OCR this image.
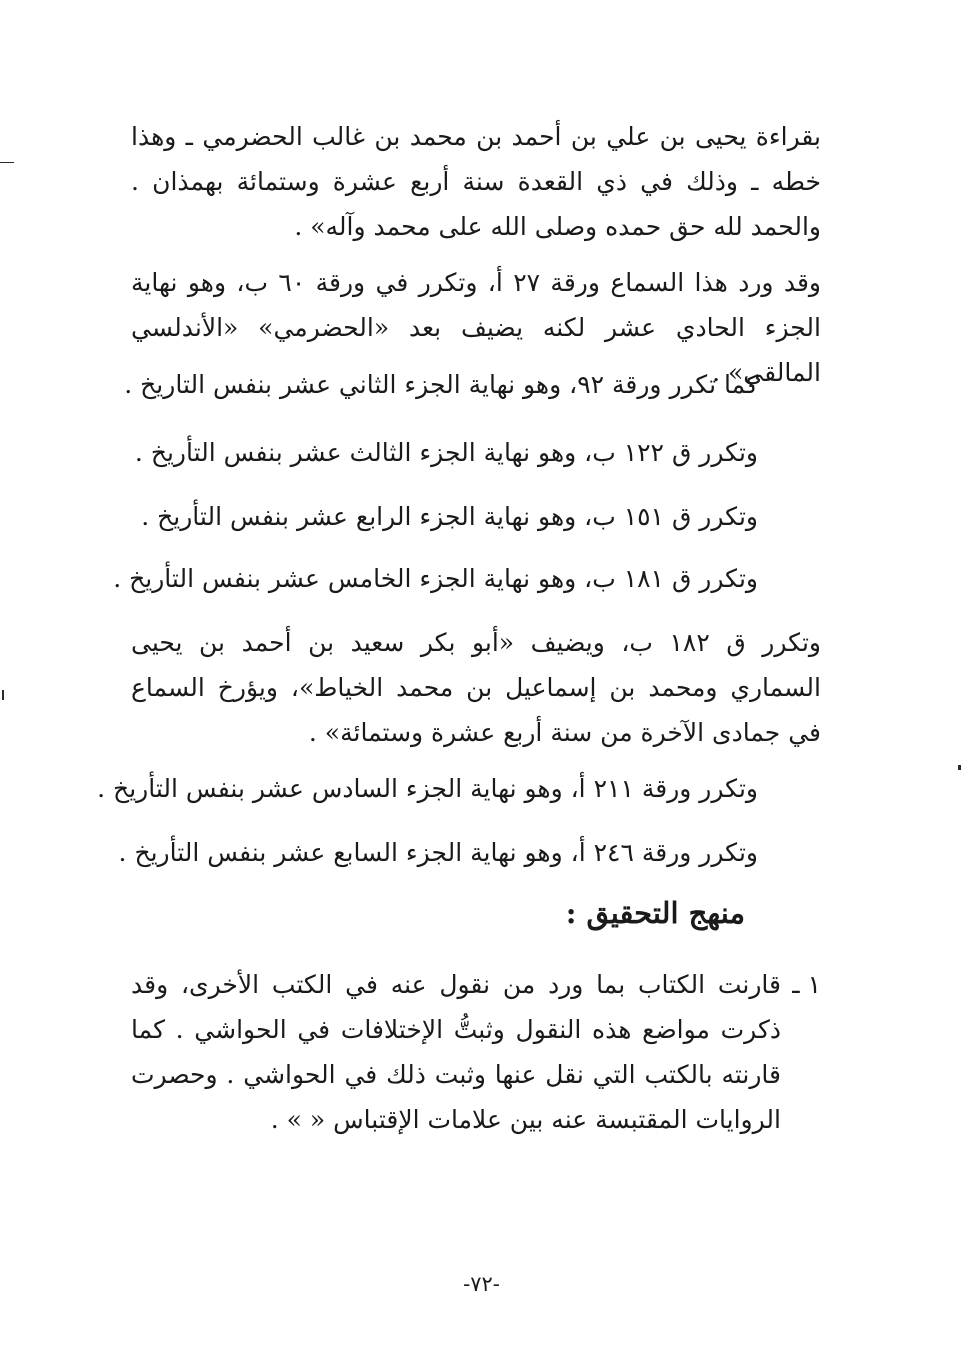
بقراءة يحيى بن علي بن أحمد بن محمد بن غالب الحضرمي ـ وهذا خطه ـ وذلك في ذي القعدة سنة أربع عشرة وستمائة بهمذان . والحمد لله حق حمده وصلى الله على محمد وآله» .

وقد ورد هذا السماع ورقة ٢٧ أ، وتكرر في ورقة ٦٠ ب، وهو نهاية الجزء الحادي عشر لكنه يضيف بعد «الحضرمي» «الأندلسي المالقي» .

كما تكرر ورقة ٩٢، وهو نهاية الجزء الثاني عشر بنفس التاريخ .

وتكرر ق ١٢٢ ب، وهو نهاية الجزء الثالث عشر بنفس التأريخ .

وتكرر ق ١٥١ ب، وهو نهاية الجزء الرابع عشر بنفس التأريخ .

وتكرر ق ١٨١ ب، وهو نهاية الجزء الخامس عشر بنفس التأريخ .

وتكرر ق ١٨٢ ب، ويضيف «أبو بكر سعيد بن أحمد بن يحيى السماري ومحمد بن إسماعيل بن محمد الخياط»، ويؤرخ السماع في جمادى الآخرة من سنة أربع عشرة وستمائة» .

وتكرر ورقة ٢١١ أ، وهو نهاية الجزء السادس عشر بنفس التأريخ .

وتكرر ورقة ٢٤٦ أ، وهو نهاية الجزء السابع عشر بنفس التأريخ .

منهج التحقيق :
١ ـ

قارنت الكتاب بما ورد من نقول عنه في الكتب الأخرى، وقد ذكرت مواضع هذه النقول وثبتُّ الإختلافات في الحواشي . كما قارنته بالكتب التي نقل عنها وثبت ذلك في الحواشي . وحصرت الروايات المقتبسة عنه بين علامات الإقتباس « » .

-٧٢-
